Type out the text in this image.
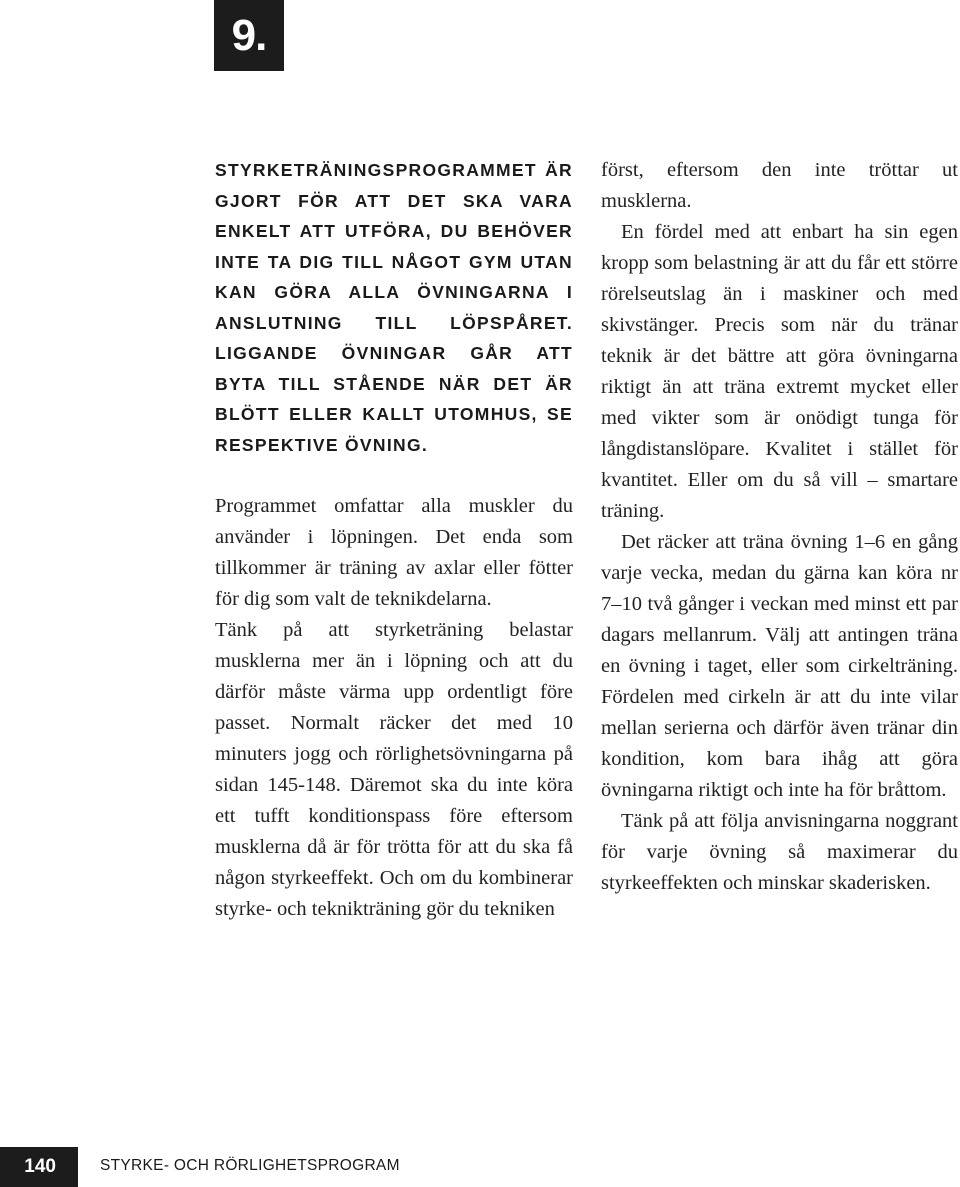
9.

STYRKETRÄNINGSPROGRAMMET ÄR GJORT FÖR ATT DET SKA VARA ENKELT ATT UTFÖRA, DU BEHÖVER INTE TA DIG TILL NÅGOT GYM UTAN KAN GÖRA ALLA ÖVNINGARNA I ANSLUTNING TILL LÖPSPÅRET. LIGGANDE ÖVNINGAR GÅR ATT BYTA TILL STÅENDE NÄR DET ÄR BLÖTT ELLER KALLT UTOMHUS, SE RESPEKTIVE ÖVNING.

Programmet omfattar alla muskler du använder i löpningen. Det enda som tillkommer är träning av axlar eller fötter för dig som valt de teknikdelarna.

Tänk på att styrketräning belastar musklerna mer än i löpning och att du därför måste värma upp ordentligt före passet. Normalt räcker det med 10 minuters jogg och rörlighetsövningarna på sidan 145-148. Däremot ska du inte köra ett tufft konditionspass före eftersom musklerna då är för trötta för att du ska få någon styrkeeffekt. Och om du kombinerar styrke- och teknikträning gör du tekniken

först, eftersom den inte tröttar ut musklerna.

En fördel med att enbart ha sin egen kropp som belastning är att du får ett större rörelseutslag än i maskiner och med skivstänger. Precis som när du tränar teknik är det bättre att göra övningarna riktigt än att träna extremt mycket eller med vikter som är onödigt tunga för långdistanslöpare. Kvalitet i stället för kvantitet. Eller om du så vill – smartare träning.

Det räcker att träna övning 1–6 en gång varje vecka, medan du gärna kan köra nr 7–10 två gånger i veckan med minst ett par dagars mellanrum. Välj att antingen träna en övning i taget, eller som cirkelträning. Fördelen med cirkeln är att du inte vilar mellan serierna och därför även tränar din kondition, kom bara ihåg att göra övningarna riktigt och inte ha för bråttom.

Tänk på att följa anvisningarna noggrant för varje övning så maximerar du styrkeeffekten och minskar skaderisken.

140	STYRKE- OCH RÖRLIGHETSPROGRAM
